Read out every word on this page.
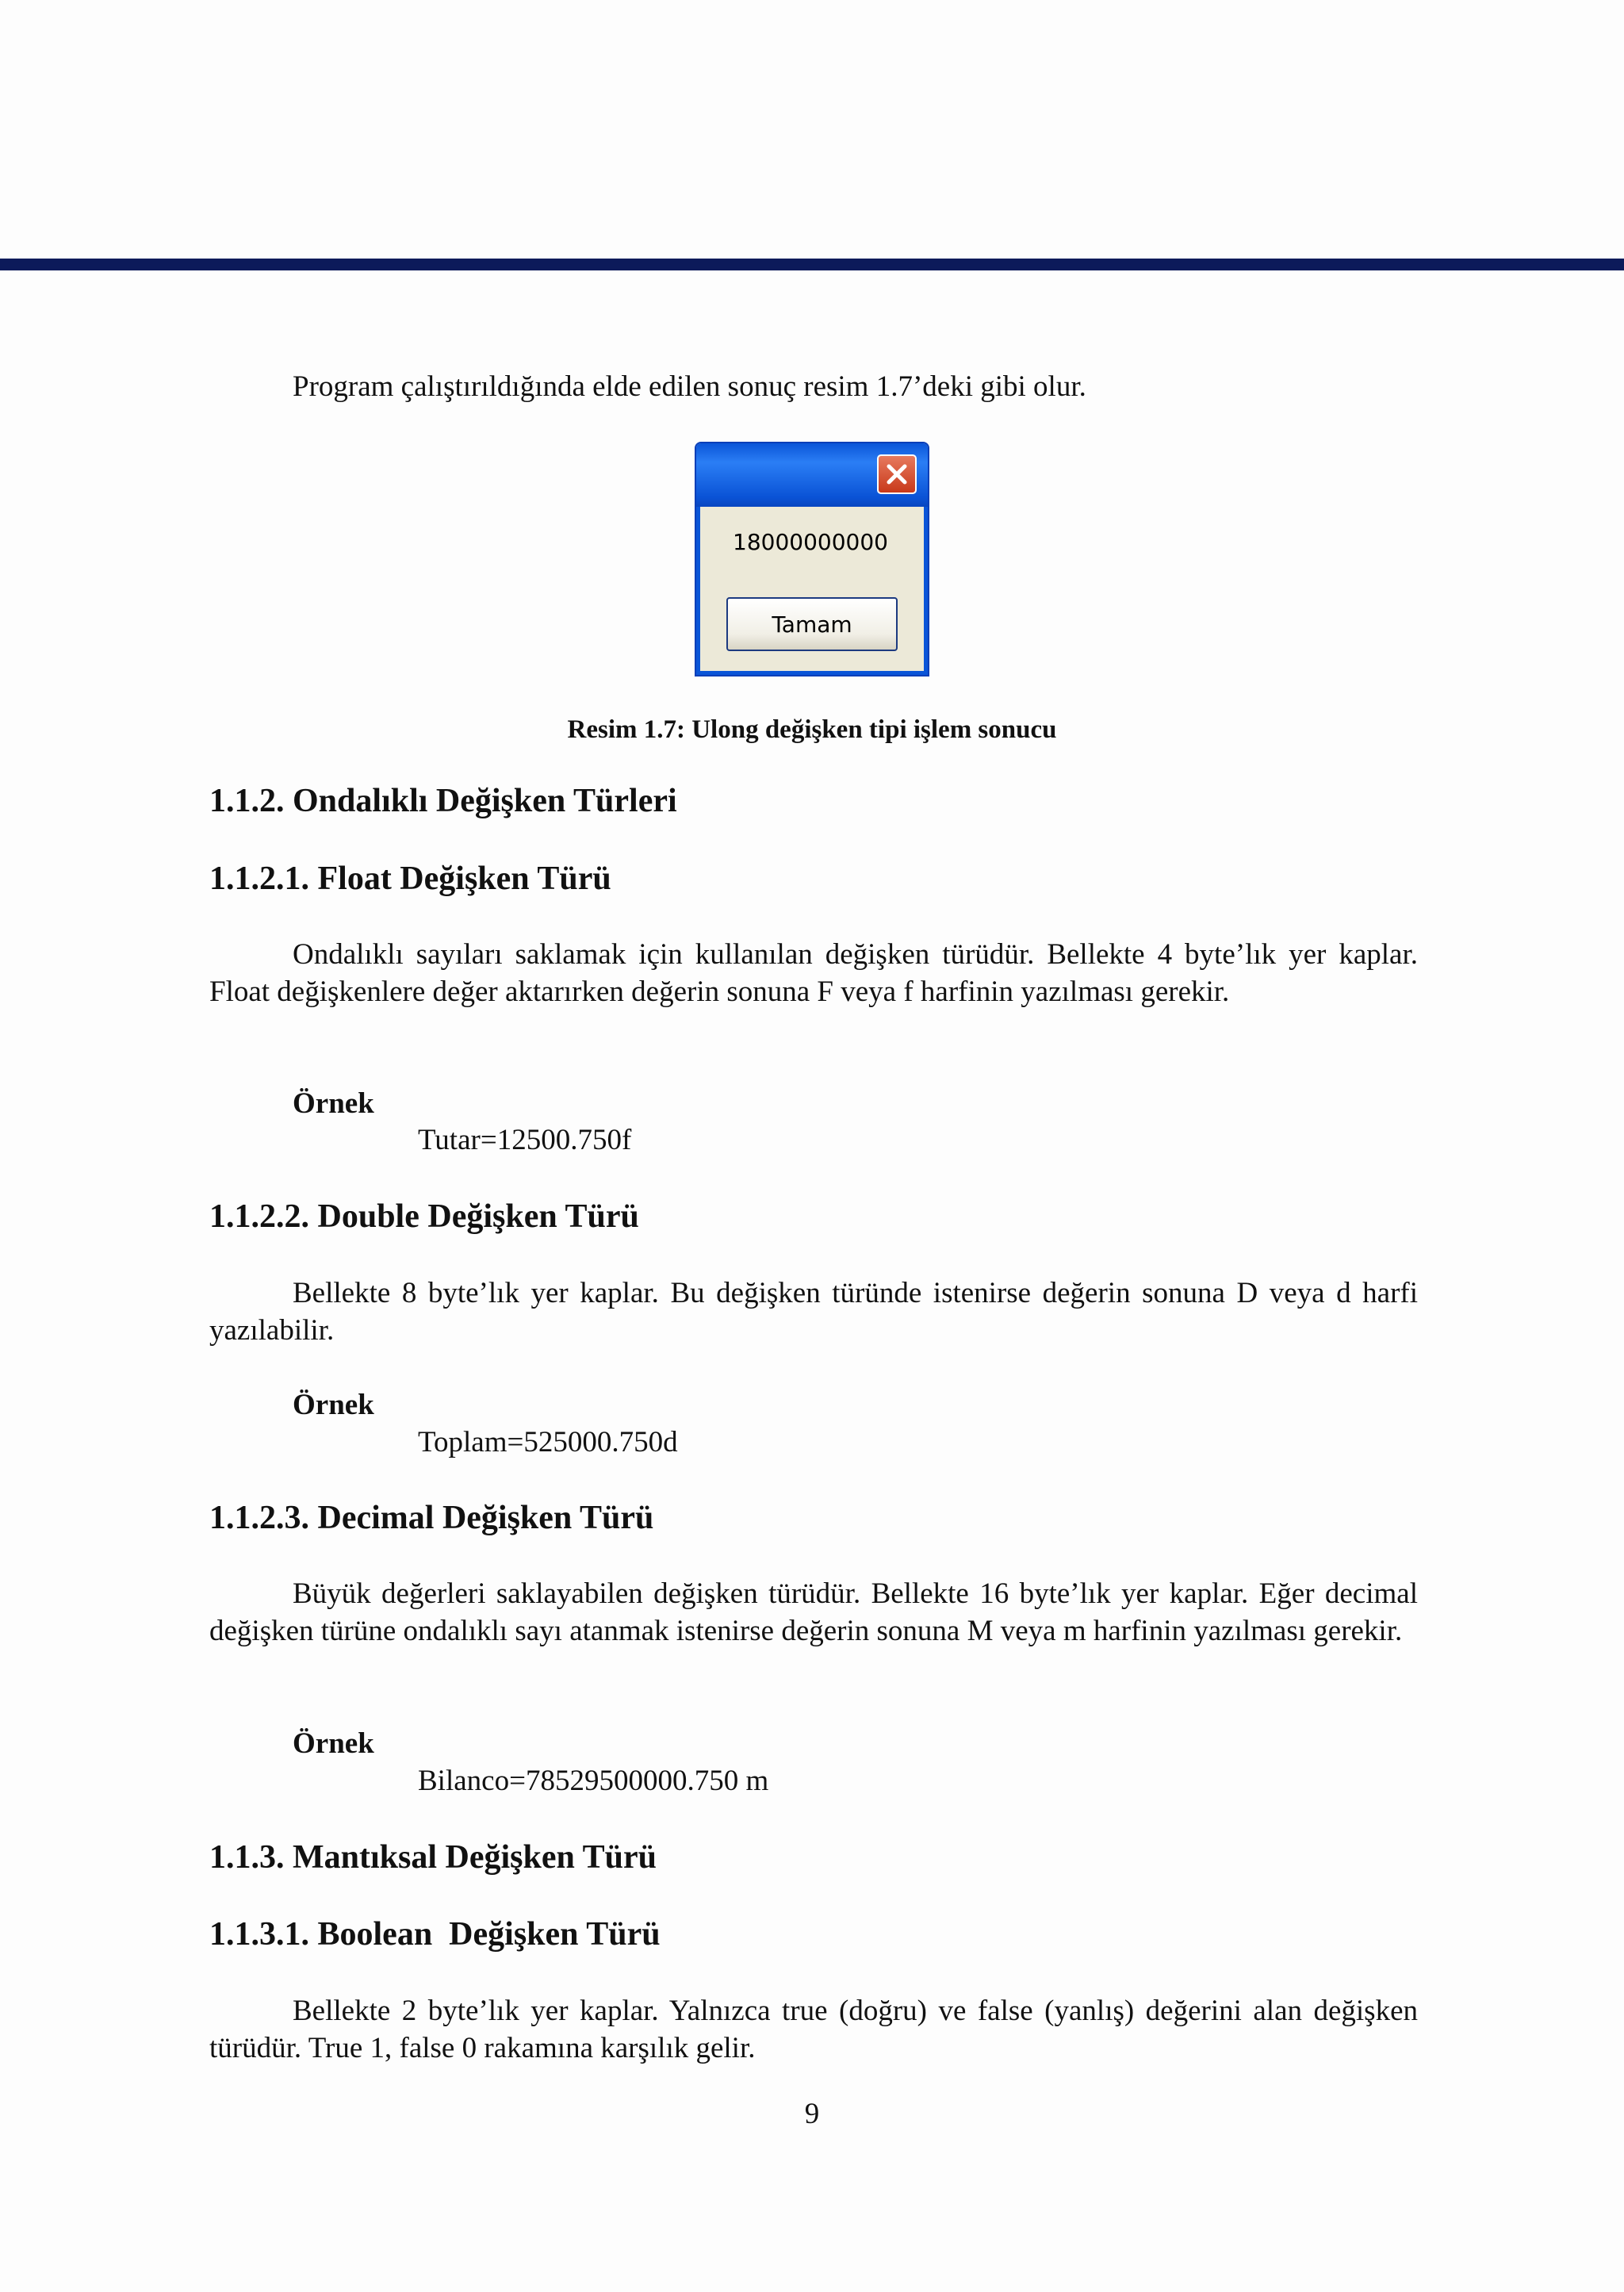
Program çalıştırıldığında elde edilen sonuç resim 1.7’deki gibi olur.
18000000000
Tamam
Resim 1.7: Ulong değişken tipi işlem sonucu
1.1.2. Ondalıklı Değişken Türleri
1.1.2.1. Float Değişken Türü
Ondalıklı sayıları saklamak için kullanılan değişken türüdür. Bellekte 4 byte’lık yer kaplar. Float değişkenlere değer aktarırken değerin sonuna F veya f harfinin yazılması gerekir.
Örnek
Tutar=12500.750f
1.1.2.2. Double Değişken Türü
Bellekte 8 byte’lık yer kaplar. Bu değişken türünde istenirse değerin sonuna D veya d harfi yazılabilir.
Örnek
Toplam=525000.750d
1.1.2.3. Decimal Değişken Türü
Büyük değerleri saklayabilen değişken türüdür. Bellekte 16 byte’lık yer kaplar. Eğer decimal değişken türüne ondalıklı sayı atanmak istenirse değerin sonuna M veya m harfinin yazılması gerekir.
Örnek
Bilanco=78529500000.750 m
1.1.3. Mantıksal Değişken Türü
1.1.3.1. Boolean  Değişken Türü
Bellekte 2 byte’lık yer kaplar. Yalnızca true (doğru) ve false (yanlış) değerini alan değişken türüdür. True 1, false 0 rakamına karşılık gelir.
9
